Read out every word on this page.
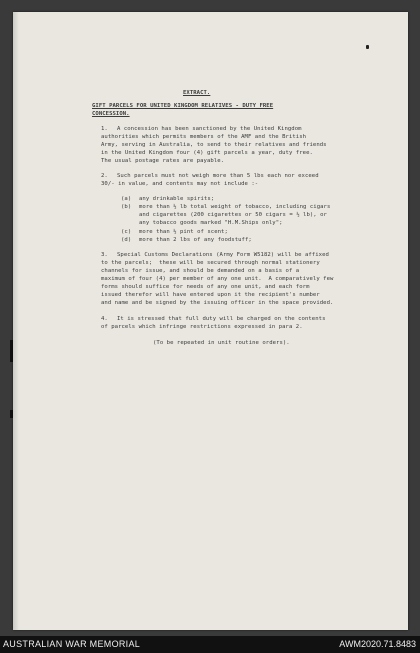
EXTRACT.
GIFT PARCELS FOR UNITED KINGDOM RELATIVES - DUTY FREE
CONCESSION.
1. A concession has been sanctioned by the United Kingdom
authorities which permits members of the AMF and the British
Army, serving in Australia, to send to their relatives and friends
in the United Kingdom four (4) gift parcels a year, duty free.
The usual postage rates are payable.
2. Such parcels must not weigh more than 5 lbs each nor exceed
30/- in value, and contents may not include :-
(a) any drinkable spirits;
(b) more than ½ lb total weight of tobacco, including cigars
and cigarettes (200 cigarettes or 50 cigars = ½ lb), or
any tobacco goods marked "H.M.Ships only";
(c) more than ½ pint of scent;
(d) more than 2 lbs of any foodstuff;
3. Special Customs Declarations (Army Form W5182) will be affixed
to the parcels;  these will be secured through normal stationery
channels for issue, and should be demanded on a basis of a
maximum of four (4) per member of any one unit.  A comparatively few
forms should suffice for needs of any one unit, and each form
issued therefor will have entered upon it the recipient's number
and name and be signed by the issuing officer in the space provided.
4. It is stressed that full duty will be charged on the contents
of parcels which infringe restrictions expressed in para 2.
(To be repeated in unit routine orders).
AUSTRALIAN WAR MEMORIAL	AWM2020.71.8483
